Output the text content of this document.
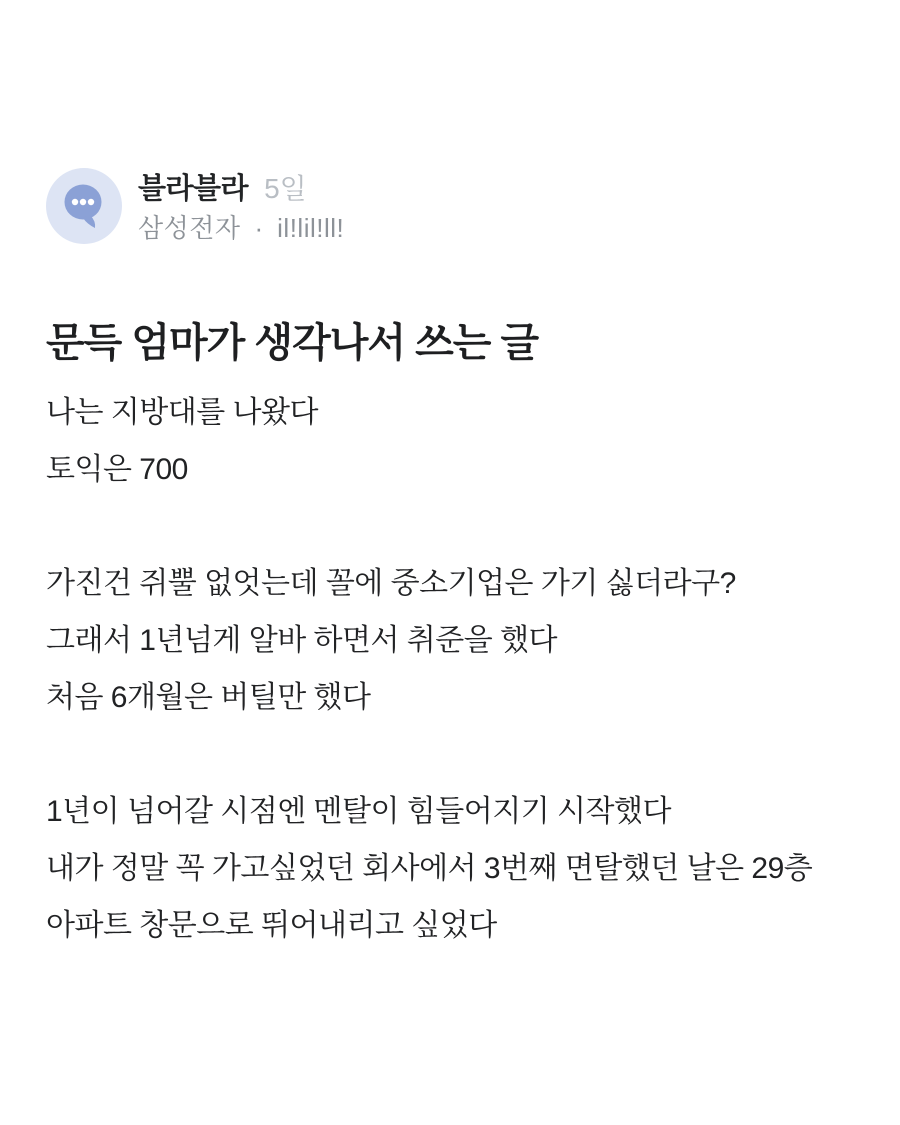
블라블라 5일
삼성전자 · il!lil!ll!
문득 엄마가 생각나서 쓰는 글
나는 지방대를 나왔다
토익은 700
가진건 쥐뿔 없엇는데 꼴에 중소기업은 가기 싫더라구?
그래서 1년넘게 알바 하면서 취준을 했다
처음 6개월은 버틸만 했다
1년이 넘어갈 시점엔 멘탈이 힘들어지기 시작했다
내가 정말 꼭 가고싶었던 회사에서 3번째 면탈했던 날은 29층
아파트 창문으로 뛰어내리고 싶었다
